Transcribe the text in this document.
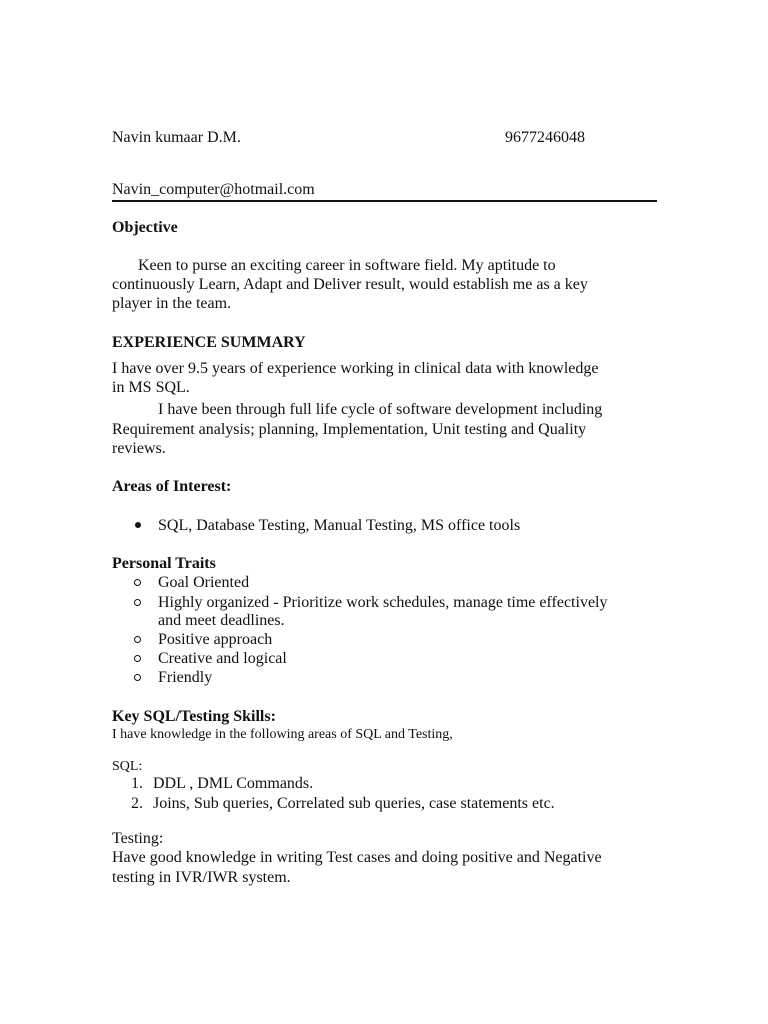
Navin kumaar D.M.	9677246048
Navin_computer@hotmail.com
Objective
Keen to purse an exciting career in software field. My aptitude to
continuously Learn, Adapt and Deliver result, would establish me as a key
player in the team.
EXPERIENCE SUMMARY
I have over 9.5 years of experience working in clinical data with knowledge
in MS SQL.
I have been through full life cycle of software development including
Requirement analysis; planning, Implementation, Unit testing and Quality
reviews.
Areas of Interest:
SQL, Database Testing, Manual Testing, MS office tools
Personal Traits
Goal Oriented
Highly organized - Prioritize work schedules, manage time effectively
and meet deadlines.
Positive approach
Creative and logical
Friendly
Key SQL/Testing Skills:
I have knowledge in the following areas of SQL and Testing,
SQL:
1. DDL , DML Commands.
2. Joins, Sub queries, Correlated sub queries, case statements etc.
Testing:
Have good knowledge in writing Test cases and doing positive and Negative
testing in IVR/IWR system.
